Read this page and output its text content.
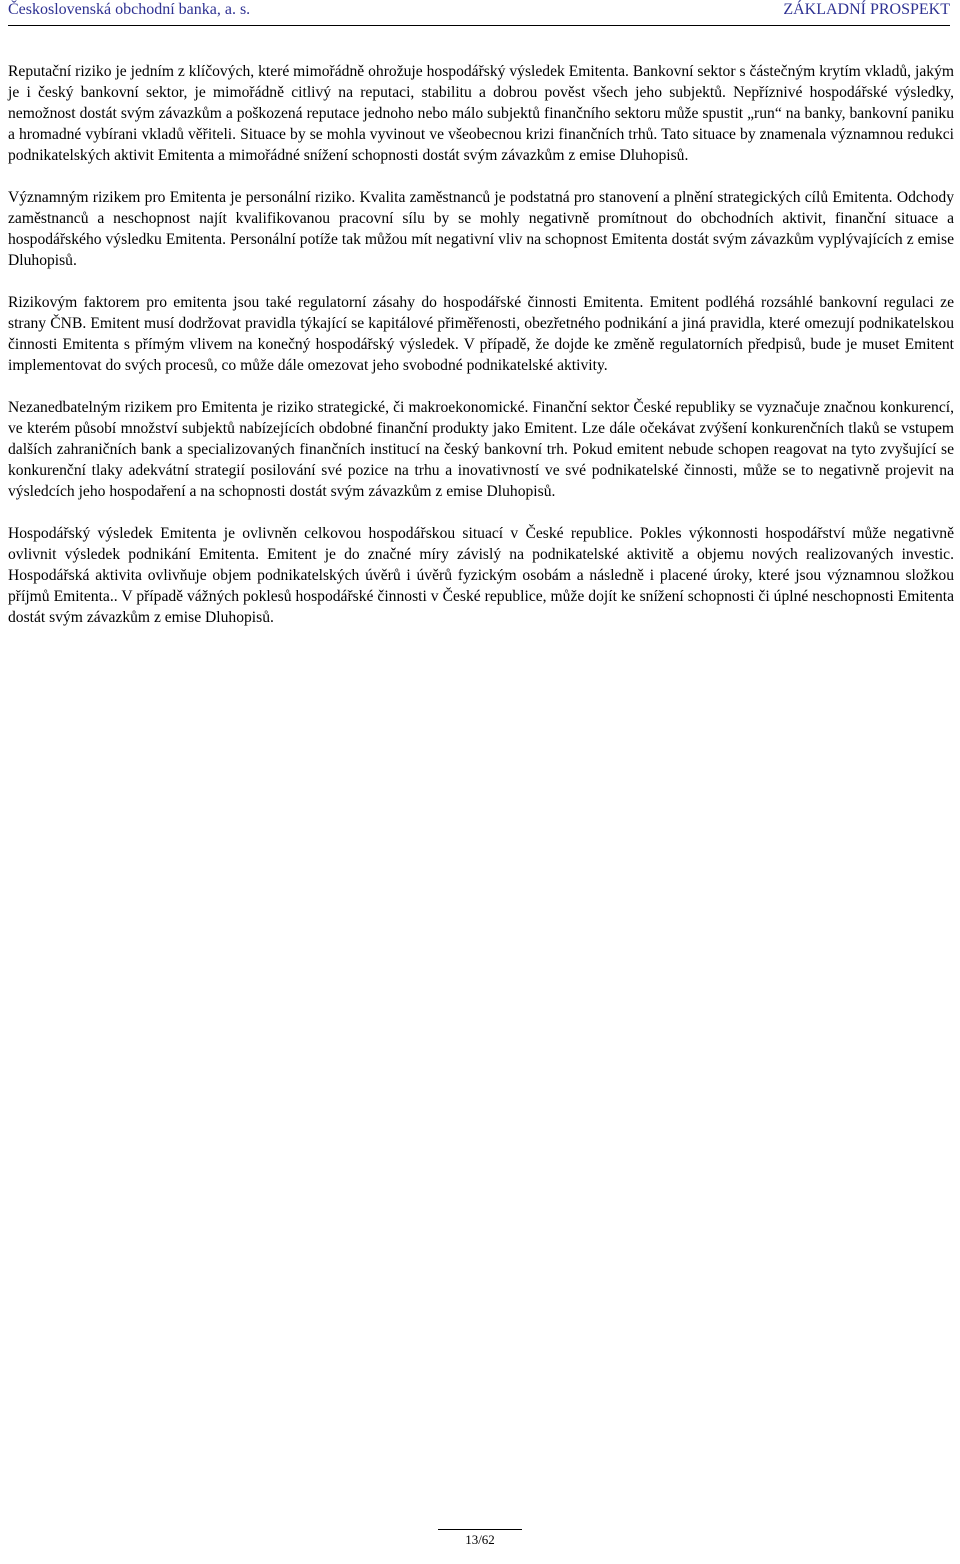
Československá obchodní banka, a. s.	ZÁKLADNÍ PROSPEKT

Reputační riziko je jedním z klíčových, které mimořádně ohrožuje hospodářský výsledek Emitenta. Bankovní sektor s částečným krytím vkladů, jakým je i český bankovní sektor, je mimořádně citlivý na reputaci, stabilitu a dobrou pověst všech jeho subjektů. Nepříznivé hospodářské výsledky, nemožnost dostát svým závazkům a poškozená reputace jednoho nebo málo subjektů finančního sektoru může spustit „run“ na banky, bankovní paniku a hromadné vybírani vkladů věřiteli. Situace by se mohla vyvinout ve všeobecnou krizi finančních trhů. Tato situace by znamenala významnou redukci podnikatelských aktivit Emitenta a mimořádné snížení schopnosti dostát svým závazkům z emise Dluhopisů.

Významným rizikem pro Emitenta je personální riziko. Kvalita zaměstnanců je podstatná pro stanovení a plnění strategických cílů Emitenta. Odchody zaměstnanců a neschopnost najít kvalifikovanou pracovní sílu by se mohly negativně promítnout do obchodních aktivit, finanční situace a hospodářského výsledku Emitenta. Personální potíže tak můžou mít negativní vliv na schopnost Emitenta dostát svým závazkům vyplývajících z emise Dluhopisů.

Rizikovým faktorem pro emitenta jsou také regulatorní zásahy do hospodářské činnosti Emitenta. Emitent podléhá rozsáhlé bankovní regulaci ze strany ČNB. Emitent musí dodržovat pravidla týkající se kapitálové přiměřenosti, obezřetného podnikání a jiná pravidla, které omezují podnikatelskou činnosti Emitenta s přímým vlivem na konečný hospodářský výsledek. V případě, že dojde ke změně regulatorních předpisů, bude je muset Emitent implementovat do svých procesů, co může dále omezovat jeho svobodné podnikatelské aktivity.

Nezanedbatelným rizikem pro Emitenta je riziko strategické, či makroekonomické. Finanční sektor České republiky se vyznačuje značnou konkurencí, ve kterém působí množství subjektů nabízejících obdobné finanční produkty jako Emitent. Lze dále očekávat zvýšení konkurenčních tlaků se vstupem dalších zahraničních bank a specializovaných finančních institucí na český bankovní trh. Pokud emitent nebude schopen reagovat na tyto zvyšující se konkurenční tlaky adekvátní strategií posilování své pozice na trhu a inovativností ve své podnikatelské činnosti, může se to negativně projevit na výsledcích jeho hospodaření a na schopnosti dostát svým závazkům z emise Dluhopisů.

Hospodářský výsledek Emitenta je ovlivněn celkovou hospodářskou situací v České republice. Pokles výkonnosti hospodářství může negativně ovlivnit výsledek podnikání Emitenta. Emitent je do značné míry závislý na podnikatelské aktivitě a objemu nových realizovaných investic. Hospodářská aktivita ovlivňuje objem podnikatelských úvěrů i úvěrů fyzickým osobám a následně i placené úroky, které jsou významnou složkou příjmů Emitenta.. V případě vážných poklesů hospodářské činnosti v České republice, může dojít ke snížení schopnosti či úplné neschopnosti Emitenta dostát svým závazkům z emise Dluhopisů.

13/62
